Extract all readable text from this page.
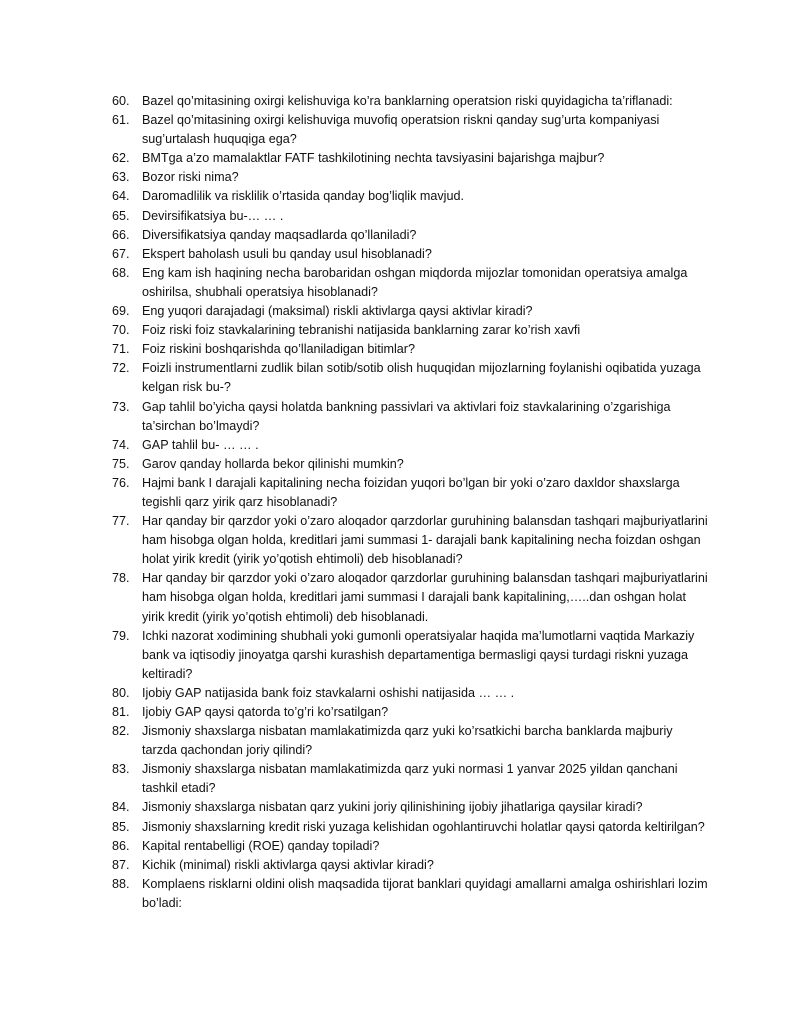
60. Bazel qo’mitasining oxirgi kelishuviga ko’ra banklarning operatsion riski quyidagicha ta’riflanadi:
61. Bazel qo’mitasining oxirgi kelishuviga muvofiq operatsion riskni qanday sug’urta kompaniyasi sug’urtalash huquqiga ega?
62. BMTga a’zo mamalaktlar FATF tashkilotining nechta tavsiyasini bajarishga majbur?
63. Bozor riski nima?
64. Daromadlilik va risklilik o’rtasida qanday bog’liqlik mavjud.
65. Devirsifikatsiya bu-… … .
66. Diversifikatsiya qanday maqsadlarda qo’llaniladi?
67. Ekspert baholash usuli bu qanday usul hisoblanadi?
68. Eng kam ish haqining necha barobaridan oshgan miqdorda mijozlar tomonidan operatsiya amalga oshirilsa, shubhali operatsiya hisoblanadi?
69. Eng yuqori darajadagi (maksimal) riskli aktivlarga qaysi aktivlar kiradi?
70. Foiz riski foiz stavkalarining tebranishi natijasida banklarning zarar ko’rish xavfi
71. Foiz riskini boshqarishda qo’llaniladigan bitimlar?
72. Foizli instrumentlarni zudlik bilan sotib/sotib olish huquqidan mijozlarning foylanishi oqibatida yuzaga kelgan risk bu-?
73. Gap tahlil bo’yicha qaysi holatda bankning passivlari va aktivlari foiz stavkalarining o’zgarishiga ta’sirchan bo’lmaydi?
74. GAP tahlil bu- … … .
75. Garov qanday hollarda bekor qilinishi mumkin?
76. Hajmi bank I darajali kapitalining necha foizidan yuqori bo’lgan bir yoki o’zaro daxldor shaxslarga tegishli qarz yirik qarz hisoblanadi?
77. Har qanday bir qarzdor yoki o’zaro aloqador qarzdorlar guruhining balansdan tashqari majburiyatlarini ham hisobga olgan holda, kreditlari jami summasi 1- darajali bank kapitalining necha foizdan oshgan holat yirik kredit (yirik yo’qotish ehtimoli) deb hisoblanadi?
78. Har qanday bir qarzdor yoki o’zaro aloqador qarzdorlar guruhining balansdan tashqari majburiyatlarini ham hisobga olgan holda, kreditlari jami summasi I darajali bank kapitalining,…..dan oshgan holat yirik kredit (yirik yo’qotish ehtimoli) deb hisoblanadi.
79. Ichki nazorat xodimining shubhali yoki gumonli operatsiyalar haqida ma’lumotlarni vaqtida Markaziy bank va iqtisodiy jinoyatga qarshi kurashish departamentiga bermasligi qaysi turdagi riskni yuzaga keltiradi?
80. Ijobiy GAP natijasida bank foiz stavkalarni oshishi natijasida … … .
81. Ijobiy GAP qaysi qatorda to’g’ri ko’rsatilgan?
82. Jismoniy shaxslarga nisbatan mamlakatimizda qarz yuki ko’rsatkichi barcha banklarda majburiy tarzda qachondan joriy qilindi?
83. Jismoniy shaxslarga nisbatan mamlakatimizda qarz yuki normasi 1 yanvar 2025 yildan qanchani tashkil etadi?
84. Jismoniy shaxslarga nisbatan qarz yukini joriy qilinishining ijobiy jihatlariga qaysilar kiradi?
85. Jismoniy shaxslarning kredit riski yuzaga kelishidan ogohlantiruvchi holatlar qaysi qatorda keltirilgan?
86. Kapital rentabelligi (ROE) qanday topiladi?
87. Kichik (minimal) riskli aktivlarga qaysi aktivlar kiradi?
88. Komplaens risklarni oldini olish maqsadida tijorat banklari quyidagi amallarni amalga oshirishlari lozim bo’ladi:
